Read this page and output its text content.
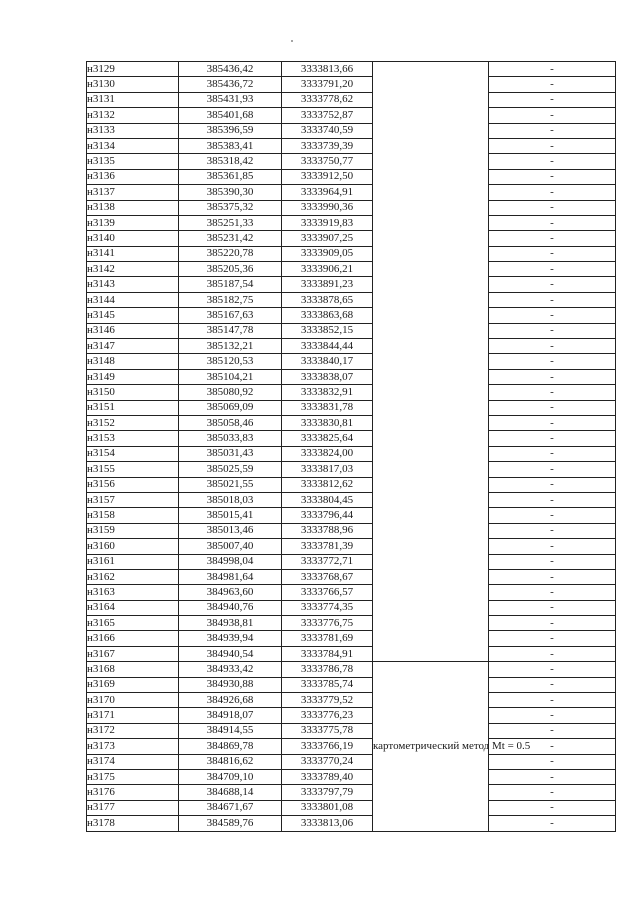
н3129	385436,42	3333813,66		-
н3130	385436,72	3333791,20		-
н3131	385431,93	3333778,62		-
н3132	385401,68	3333752,87		-
н3133	385396,59	3333740,59		-
н3134	385383,41	3333739,39		-
н3135	385318,42	3333750,77		-
н3136	385361,85	3333912,50		-
н3137	385390,30	3333964,91		-
н3138	385375,32	3333990,36		-
н3139	385251,33	3333919,83		-
н3140	385231,42	3333907,25		-
н3141	385220,78	3333909,05		-
н3142	385205,36	3333906,21		-
н3143	385187,54	3333891,23		-
н3144	385182,75	3333878,65		-
н3145	385167,63	3333863,68		-
н3146	385147,78	3333852,15		-
н3147	385132,21	3333844,44		-
н3148	385120,53	3333840,17		-
н3149	385104,21	3333838,07		-
н3150	385080,92	3333832,91		-
н3151	385069,09	3333831,78		-
н3152	385058,46	3333830,81		-
н3153	385033,83	3333825,64		-
н3154	385031,43	3333824,00		-
н3155	385025,59	3333817,03		-
н3156	385021,55	3333812,62		-
н3157	385018,03	3333804,45		-
н3158	385015,41	3333796,44		-
н3159	385013,46	3333788,96		-
н3160	385007,40	3333781,39		-
н3161	384998,04	3333772,71		-
н3162	384981,64	3333768,67		-
н3163	384963,60	3333766,57		-
н3164	384940,76	3333774,35		-
н3165	384938,81	3333776,75		-
н3166	384939,94	3333781,69		-
н3167	384940,54	3333784,91		-
н3168	384933,42	3333786,78	картометрический метод Mt = 0.5	-
н3169	384930,88	3333785,74		-
н3170	384926,68	3333779,52		-
н3171	384918,07	3333776,23		-
н3172	384914,55	3333775,78		-
н3173	384869,78	3333766,19		-
н3174	384816,62	3333770,24		-
н3175	384709,10	3333789,40		-
н3176	384688,14	3333797,79		-
н3177	384671,67	3333801,08		-
н3178	384589,76	3333813,06		-
